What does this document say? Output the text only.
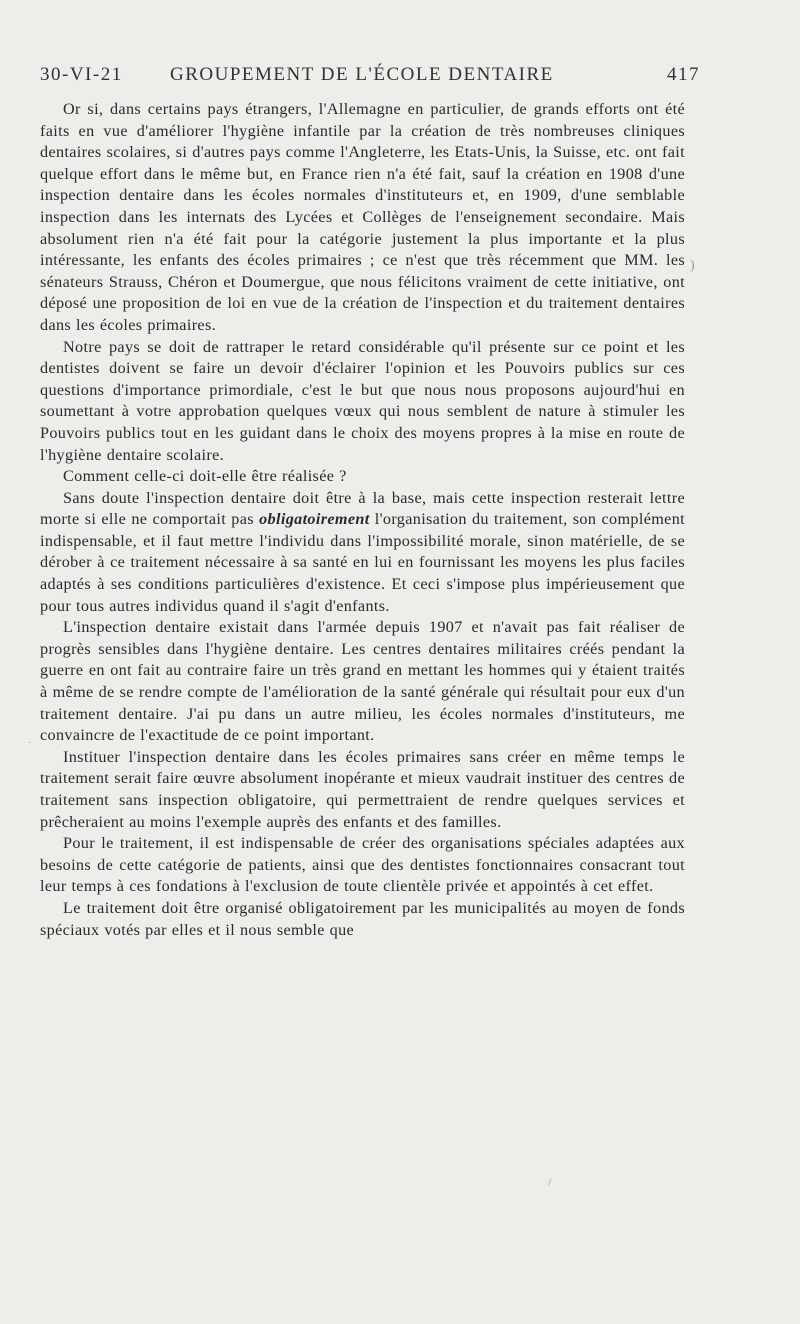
30-VI-21 GROUPEMENT DE L'ÉCOLE DENTAIRE	417

Or si, dans certains pays étrangers, l'Allemagne en particulier, de grands efforts ont été faits en vue d'améliorer l'hygiène infantile par la création de très nombreuses cliniques dentaires scolaires, si d'autres pays comme l'Angleterre, les Etats-Unis, la Suisse, etc. ont fait quelque effort dans le même but, en France rien n'a été fait, sauf la création en 1908 d'une inspection dentaire dans les écoles normales d'instituteurs et, en 1909, d'une semblable inspection dans les internats des Lycées et Collèges de l'enseignement secondaire. Mais absolument rien n'a été fait pour la catégorie justement la plus importante et la plus intéressante, les enfants des écoles primaires ; ce n'est que très récemment que MM. les sénateurs Strauss, Chéron et Doumergue, que nous félicitons vraiment de cette initiative, ont déposé une proposition de loi en vue de la création de l'inspection et du traitement dentaires dans les écoles primaires.

Notre pays se doit de rattraper le retard considérable qu'il présente sur ce point et les dentistes doivent se faire un devoir d'éclairer l'opinion et les Pouvoirs publics sur ces questions d'importance primordiale, c'est le but que nous nous proposons aujourd'hui en soumettant à votre approbation quelques vœux qui nous semblent de nature à stimuler les Pouvoirs publics tout en les guidant dans le choix des moyens propres à la mise en route de l'hygiène dentaire scolaire.

Comment celle-ci doit-elle être réalisée ?

Sans doute l'inspection dentaire doit être à la base, mais cette inspection resterait lettre morte si elle ne comportait pas obligatoirement l'organisation du traitement, son complément indispensable, et il faut mettre l'individu dans l'impossibilité morale, sinon matérielle, de se dérober à ce traitement nécessaire à sa santé en lui en fournissant les moyens les plus faciles adaptés à ses conditions particulières d'existence. Et ceci s'impose plus impérieusement que pour tous autres individus quand il s'agit d'enfants.

L'inspection dentaire existait dans l'armée depuis 1907 et n'avait pas fait réaliser de progrès sensibles dans l'hygiène dentaire. Les centres dentaires militaires créés pendant la guerre en ont fait au contraire faire un très grand en mettant les hommes qui y étaient traités à même de se rendre compte de l'amélioration de la santé générale qui résultait pour eux d'un traitement dentaire. J'ai pu dans un autre milieu, les écoles normales d'instituteurs, me convaincre de l'exactitude de ce point important.

Instituer l'inspection dentaire dans les écoles primaires sans créer en même temps le traitement serait faire œuvre absolument inopérante et mieux vaudrait instituer des centres de traitement sans inspection obligatoire, qui permettraient de rendre quelques services et prêcheraient au moins l'exemple auprès des enfants et des familles.

Pour le traitement, il est indispensable de créer des organisations spéciales adaptées aux besoins de cette catégorie de patients, ainsi que des dentistes fonctionnaires consacrant tout leur temps à ces fondations à l'exclusion de toute clientèle privée et appointés à cet effet.

Le traitement doit être organisé obligatoirement par les municipalités au moyen de fonds spéciaux votés par elles et il nous semble que

)
·
/
